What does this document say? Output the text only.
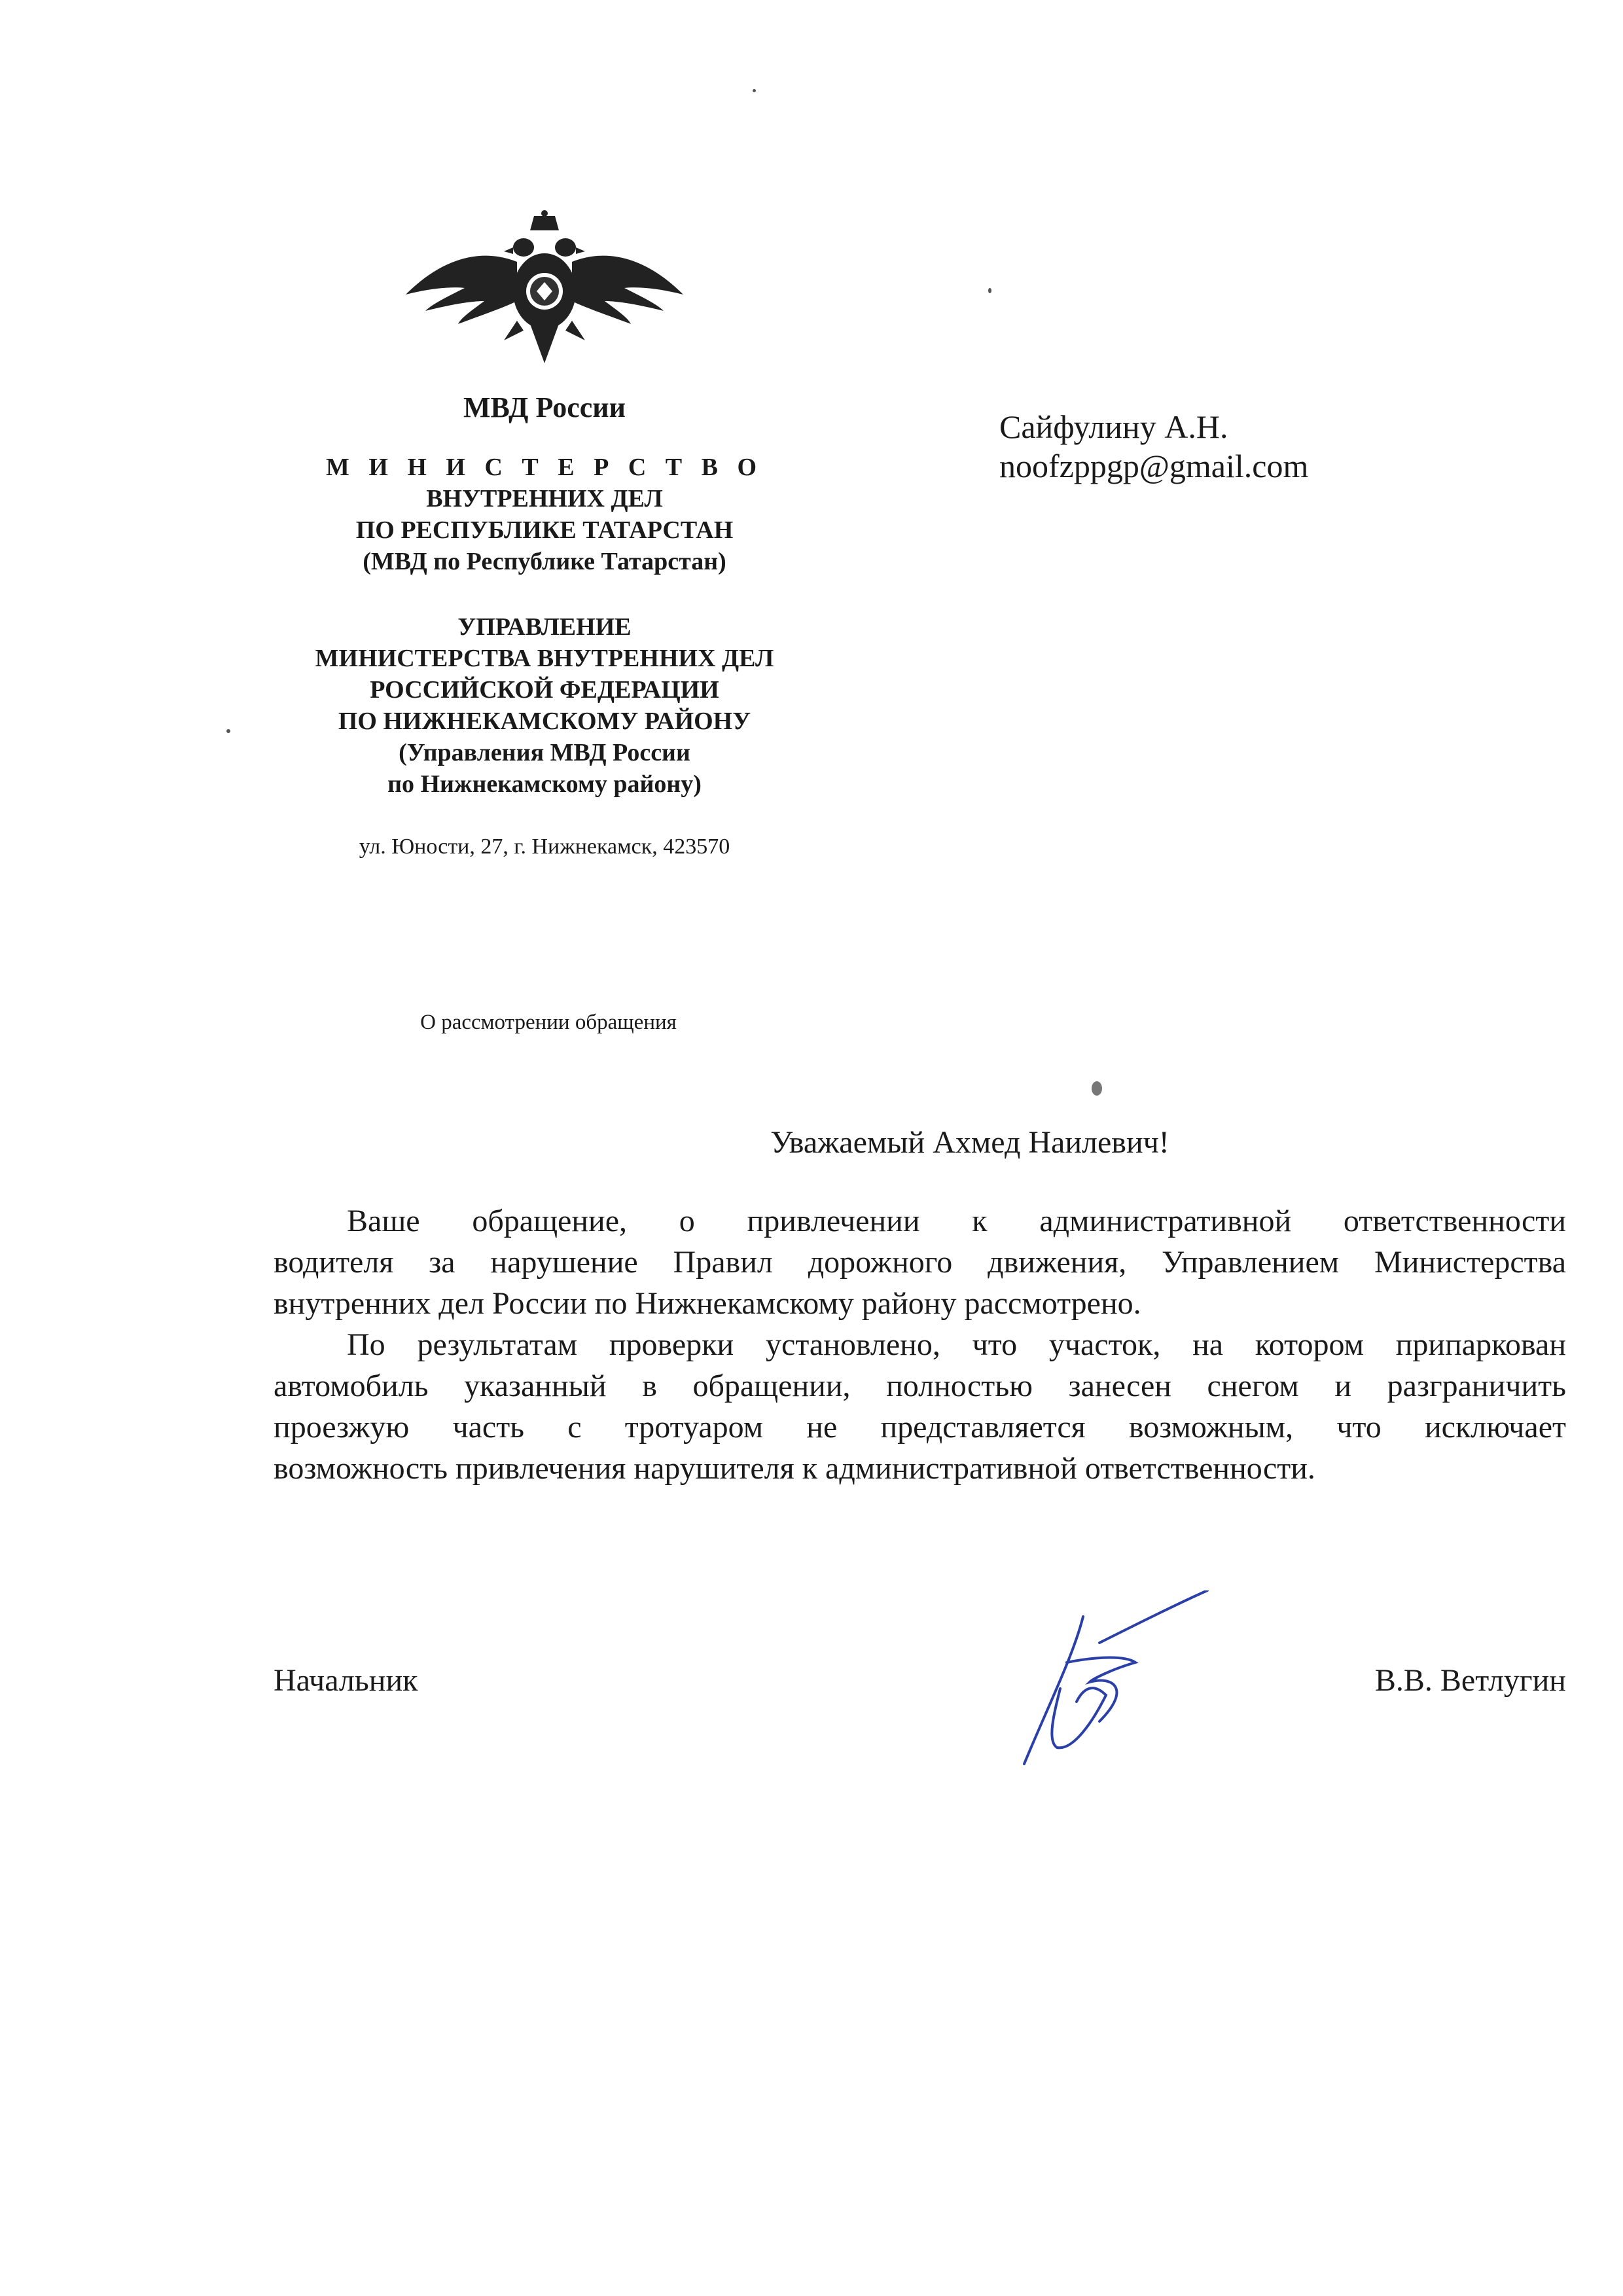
МВД России
М И Н И С Т Е Р С Т В О
ВНУТРЕННИХ ДЕЛ
ПО РЕСПУБЛИКЕ ТАТАРСТАН
(МВД по Республике Татарстан)
УПРАВЛЕНИЕ
МИНИСТЕРСТВА ВНУТРЕННИХ ДЕЛ
РОССИЙСКОЙ ФЕДЕРАЦИИ
ПО НИЖНЕКАМСКОМУ РАЙОНУ
(Управления МВД России
по Нижнекамскому району)
ул. Юности, 27, г. Нижнекамск, 423570
Сайфулину А.Н.
noofzppgp@gmail.com
О рассмотрении обращения
Уважаемый Ахмед Наилевич!
Ваше обращение, о привлечении к административной ответственности
водителя за нарушение Правил дорожного движения, Управлением Министерства
внутренних дел России по Нижнекамскому району рассмотрено.
По результатам проверки установлено, что участок, на котором припаркован
автомобиль указанный в обращении, полностью занесен снегом и разграничить
проезжую часть с тротуаром не представляется возможным, что исключает
возможность привлечения нарушителя к административной ответственности.
Начальник	В.В. Ветлугин
